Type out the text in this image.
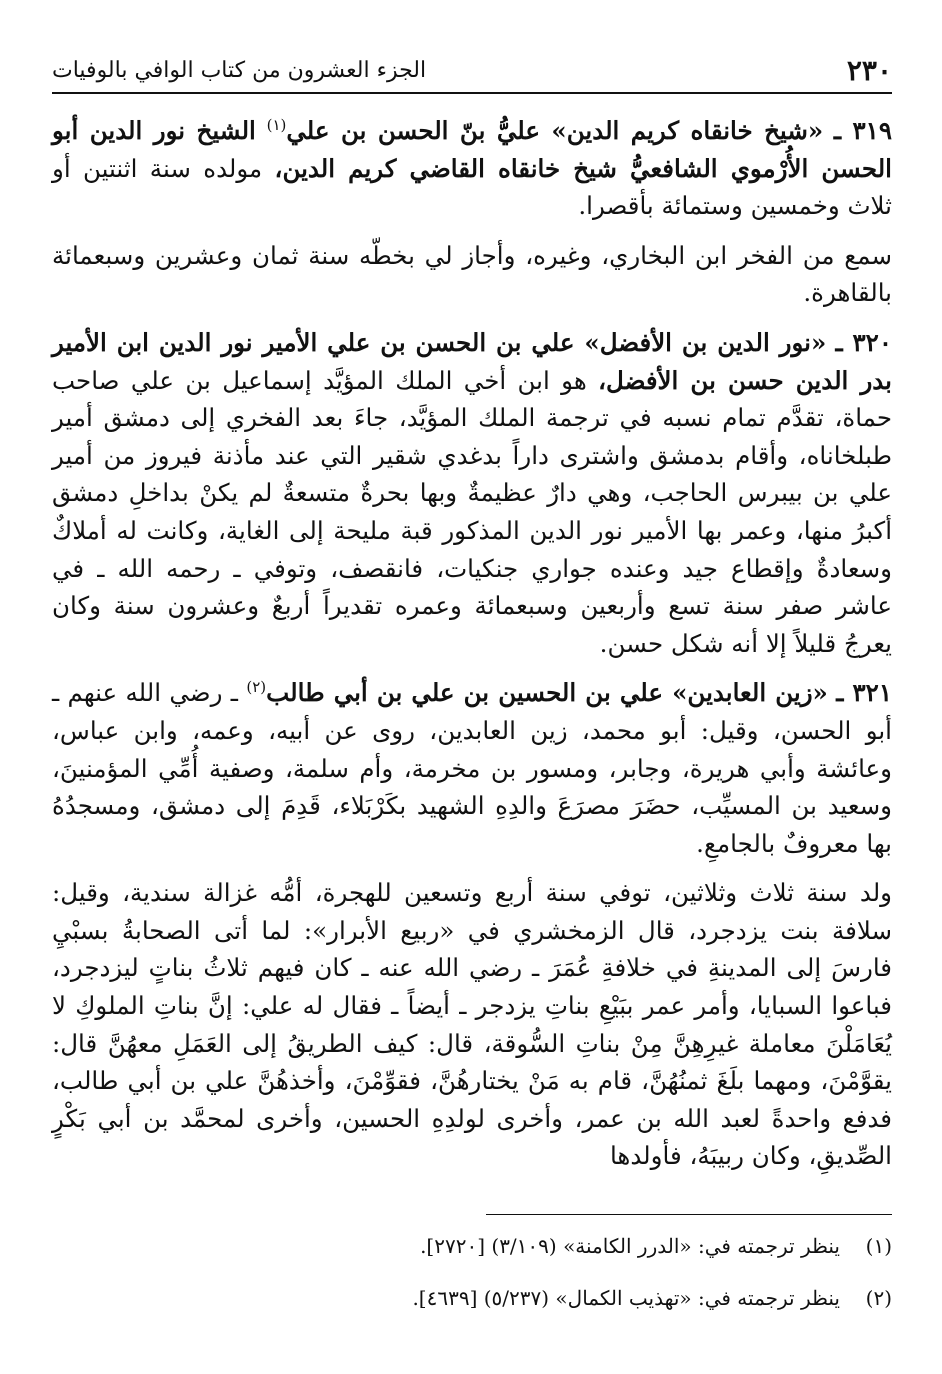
٢٣٠
الجزء العشرون من كتاب الوافي بالوفيات

٣١٩ ـ «شيخ خانقاه كريم الدين» عليُّ بنّ الحسن بن علي$^{(١)}$ الشيخ نور الدين أبو الحسن الأُرْموي الشافعيُّ شيخ خانقاه القاضي كريم الدين، مولده سنة اثنتين أو ثلاث وخمسين وستمائة بأقصرا.

سمع من الفخر ابن البخاري، وغيره، وأجاز لي بخطّه سنة ثمان وعشرين وسبعمائة بالقاهرة.

٣٢٠ ـ «نور الدين بن الأفضل» علي بن الحسن بن علي الأمير نور الدين ابن الأمير بدر الدين حسن بن الأفضل، هو ابن أخي الملك المؤيَّد إسماعيل بن علي صاحب حماة، تقدَّم تمام نسبه في ترجمة الملك المؤيَّد، جاءَ بعد الفخري إلى دمشق أمير طبلخاناه، وأقام بدمشق واشترى داراً بدغدي شقير التي عند مأذنة فيروز من أمير علي بن بيبرس الحاجب، وهي دارٌ عظيمةٌ وبها بحرةٌ متسعةٌ لم يكنْ بداخلِ دمشق أكبرُ منها، وعمر بها الأمير نور الدين المذكور قبة مليحة إلى الغاية، وكانت له أملاكٌ وسعادةٌ وإقطاع جيد وعنده جواري جنكيات، فانقصف، وتوفي ـ رحمه الله ـ في عاشر صفر سنة تسع وأربعين وسبعمائة وعمره تقديراً أربعٌ وعشرون سنة وكان يعرجُ قليلاً إلا أنه شكل حسن.

٣٢١ ـ «زين العابدين» علي بن الحسين بن علي بن أبي طالب$^{(٢)}$ ـ رضي الله عنهم ـ أبو الحسن، وقيل: أبو محمد، زين العابدين، روى عن أبيه، وعمه، وابن عباس، وعائشة وأبي هريرة، وجابر، ومسور بن مخرمة، وأم سلمة، وصفية أُمِّي المؤمنينَ، وسعيد بن المسيِّب، حضَرَ مصرَعَ والدِهِ الشهيد بكَرْبَلاء، قَدِمَ إلى دمشق، ومسجدُهُ بها معروفٌ بالجامعِ.

ولد سنة ثلاث وثلاثين، توفي سنة أربع وتسعين للهجرة، أمُّه غزالة سندية، وقيل: سلافة بنت يزدجرد، قال الزمخشري في «ربيع الأبرار»: لما أتى الصحابةُ بسبْيِ فارسَ إلى المدينةِ في خلافةِ عُمَرَ ـ رضي الله عنه ـ كان فيهم ثلاثُ بناتٍ ليزدجرد، فباعوا السبايا، وأمر عمر ببَيْعِ بناتِ يزدجر ـ أيضاً ـ فقال له علي: إنَّ بناتِ الملوكِ لا يُعَامَلْنَ معاملة غيرِهِنَّ مِنْ بناتِ السُّوقة، قال: كيف الطريقُ إلى العَمَلِ معهُنَّ قال: يقوَّمْنَ، ومهما بلَغَ ثمنُهُنَّ، قام به مَنْ يختارهُنَّ، فقوِّمْنَ، وأخذهُنَّ علي بن أبي طالب، فدفع واحدةً لعبد الله بن عمر، وأخرى لولدِهِ الحسين، وأخرى لمحمَّد بن أبي بَكْرٍ الصِّديقِ، وكان ربيبَهُ، فأولدها

(١)
ينظر ترجمته في: «الدرر الكامنة» (٣/١٠٩) [٢٧٢٠].
(٢)
ينظر ترجمته في: «تهذيب الكمال» (٥/٢٣٧) [٤٦٣٩].
